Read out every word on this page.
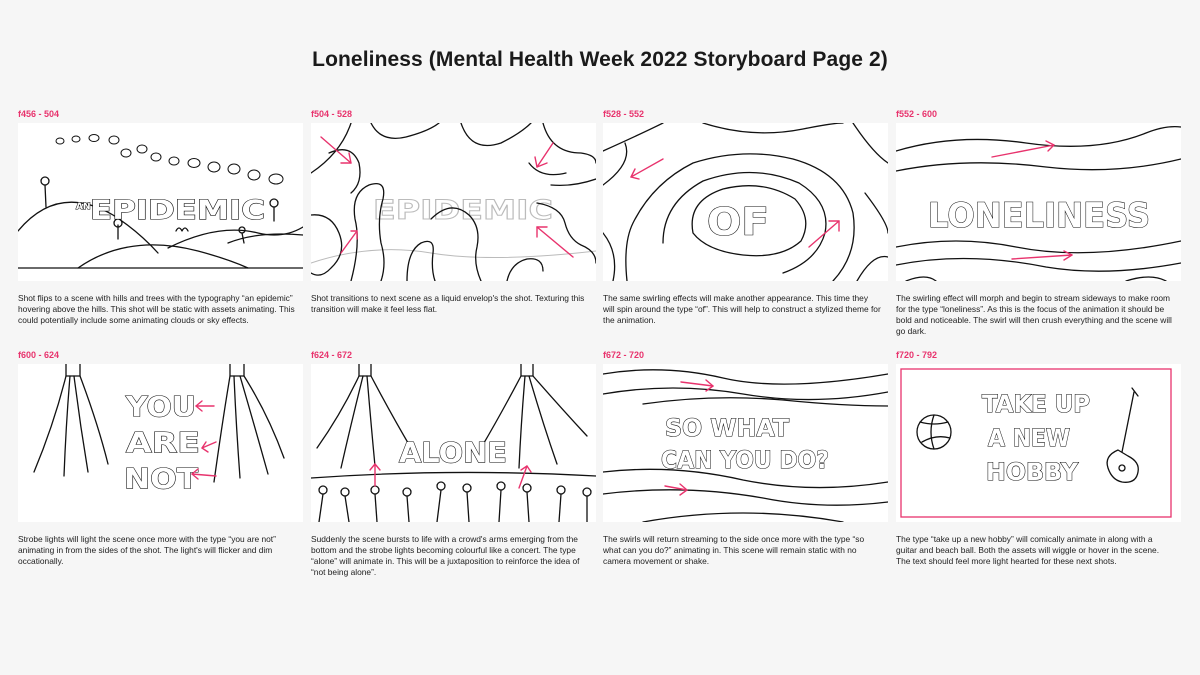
Loneliness (Mental Health Week 2022 Storyboard Page 2)
f456 - 504
AN EPIDEMIC
Shot flips to a scene with hills and trees with the typography “an epidemic” hovering above the hills. This shot will be static with assets animating. This could potentially include some animating clouds or sky effects.
f504 - 528
EPIDEMIC
Shot transitions to next scene as a liquid envelop's the shot. Texturing this transition will make it feel less flat.
f528 - 552
OF
The same swirling effects will make another appearance. This time they will spin around the type “of”. This will help to construct a stylized theme for the animation.
f552 - 600
LONELINESS
The swirling effect will morph and begin to stream sideways to make room for the type “loneliness”. As this is the focus of the animation it should be bold and noticeable. The swirl will then crush everything and the scene will go dark.
f600 - 624
YOU
ARE
NOT
Strobe lights will light the scene once more with the type “you are not” animating in from the sides of the shot. The light's will flicker and dim occationally.
f624 - 672
ALONE
Suddenly the scene bursts to life with a crowd's arms emerging from the bottom and the strobe lights becoming colourful like a concert. The type “alone” will animate in. This will be a juxtaposition to reinforce the idea of “not being alone”.
f672 - 720
SO WHAT
CAN YOU DO?
The swirls will return streaming to the side once more with the type “so what can you do?” animating in. This scene will remain static with no camera movement or shake.
f720 - 792
TAKE UP
A NEW
HOBBY
The type “take up a new hobby” will comically animate in along with a guitar and beach ball. Both the assets will wiggle or hover in the scene. The text should feel more light hearted for these next shots.
